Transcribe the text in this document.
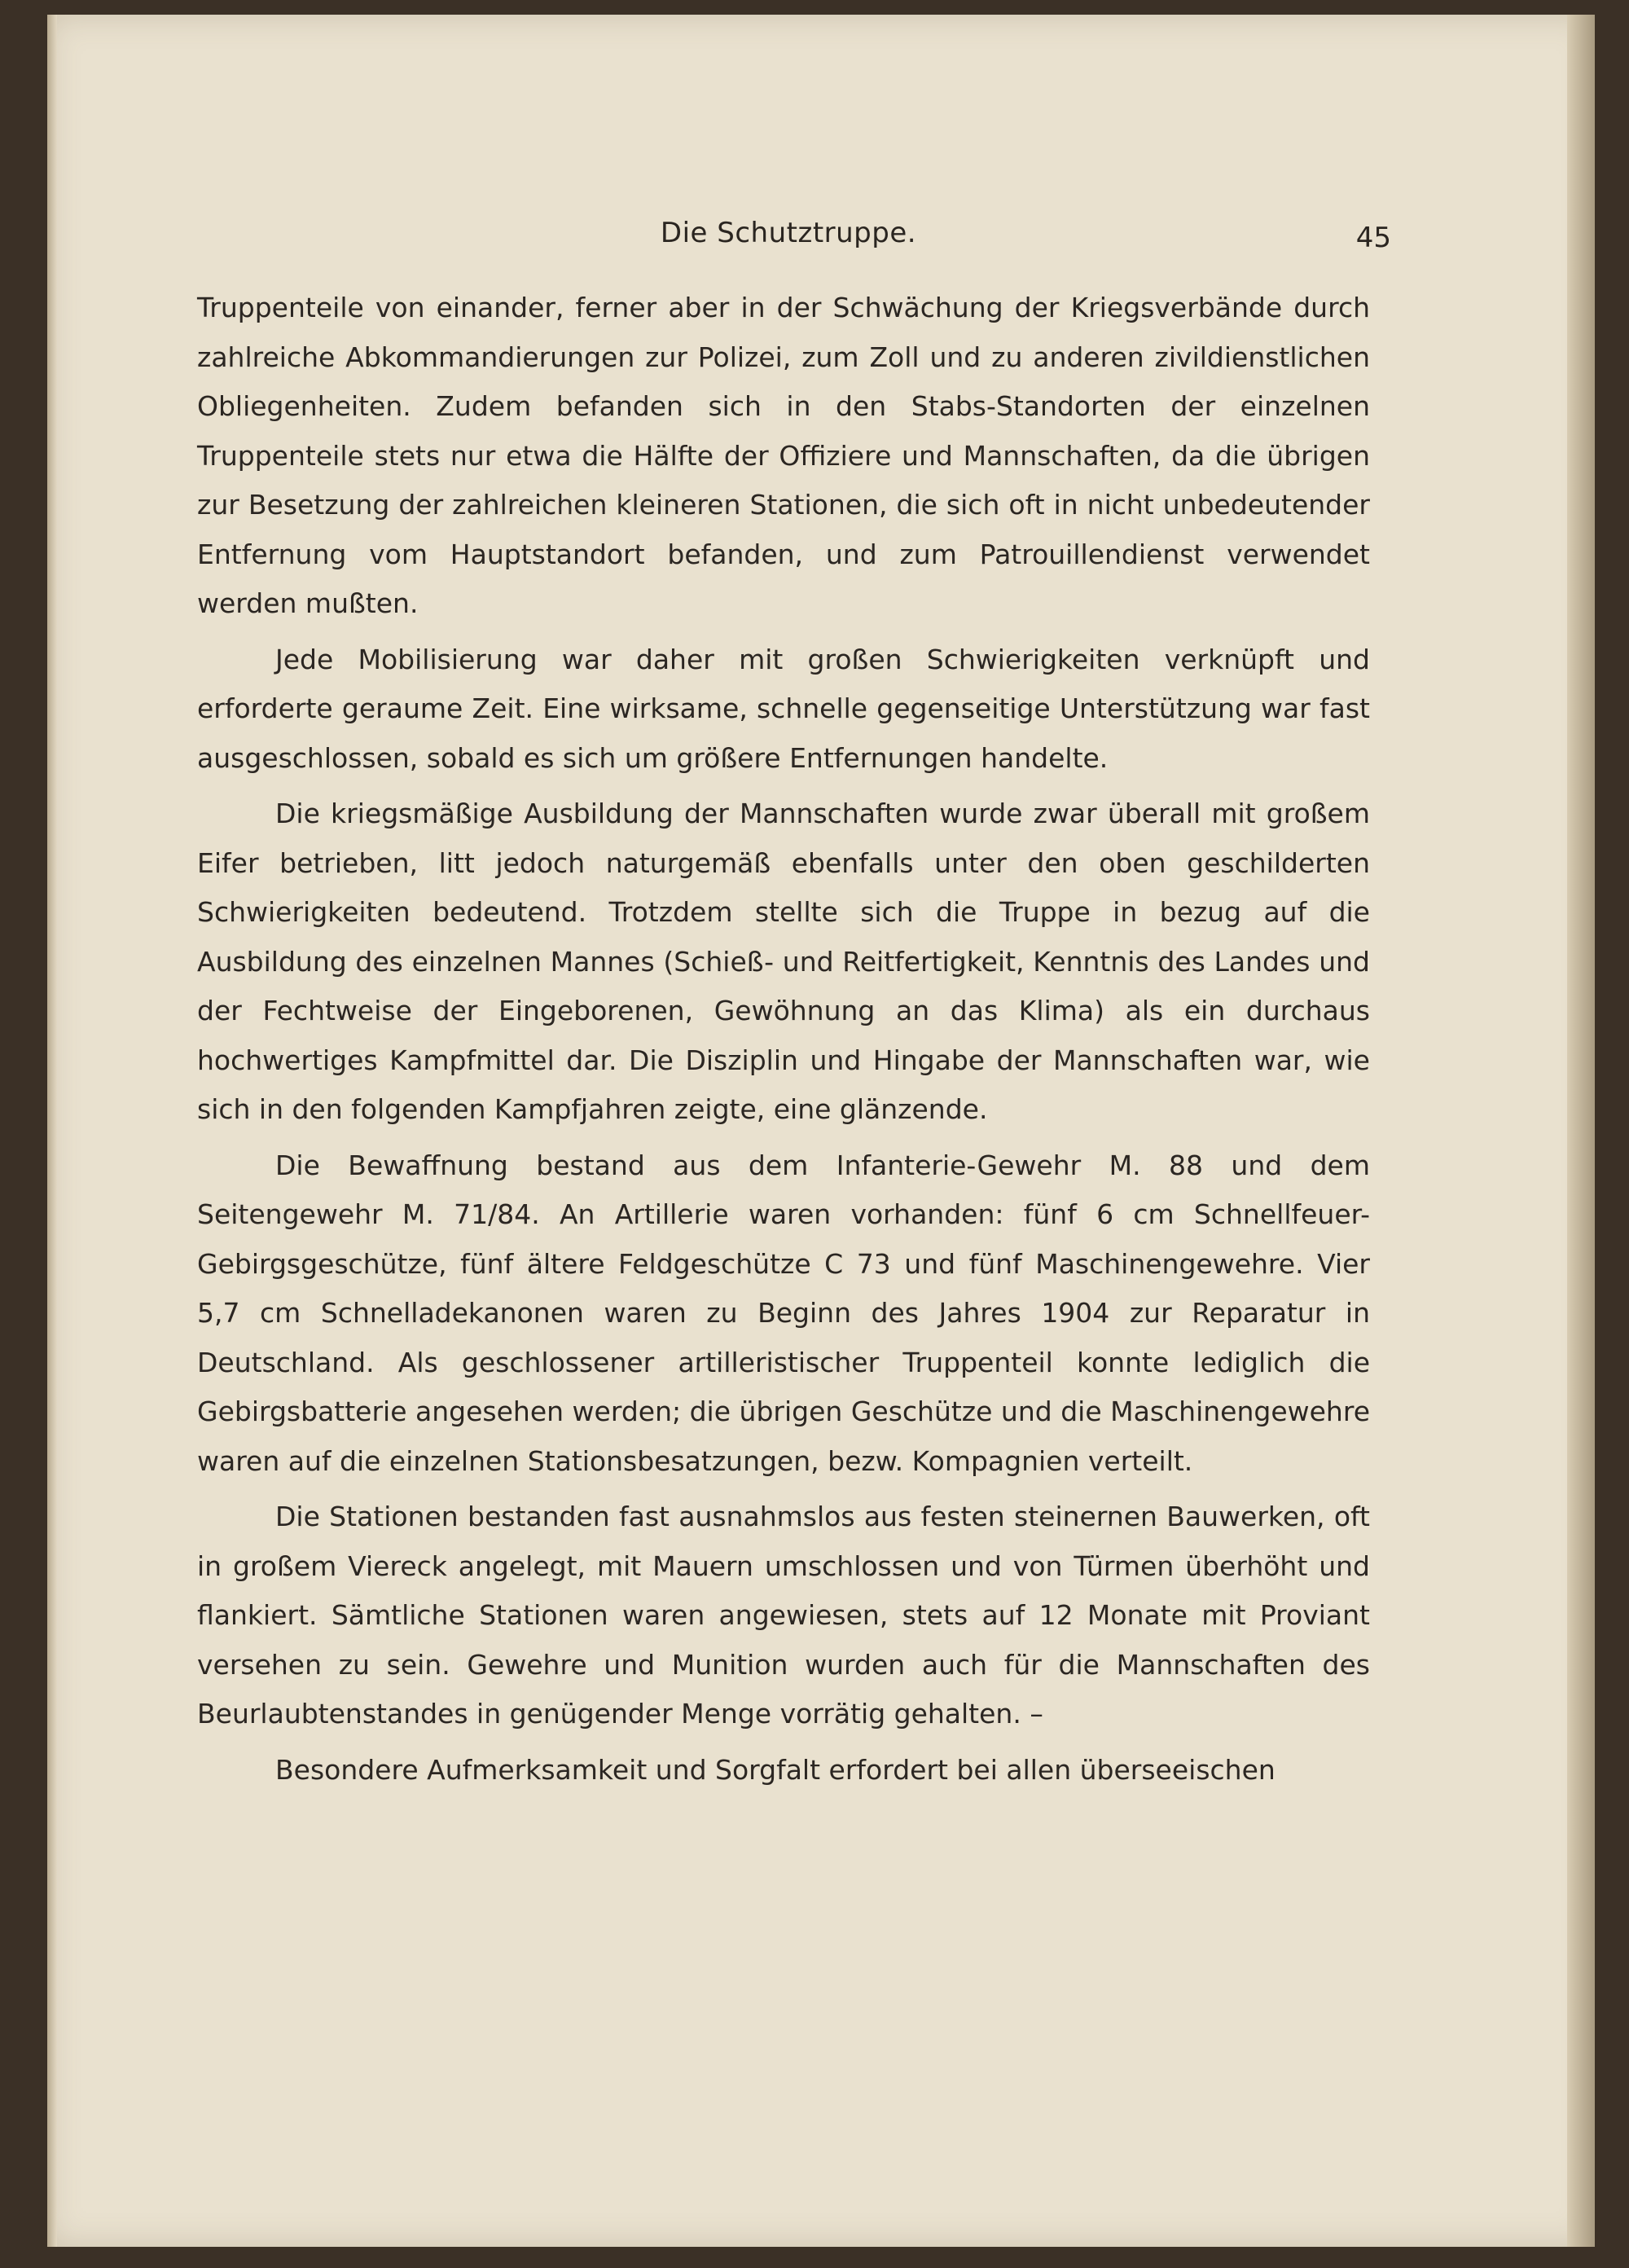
Die Schutztruppe.	45

Truppenteile von einander, ferner aber in der Schwächung der Kriegsverbände durch zahlreiche Abkommandierungen zur Polizei, zum Zoll und zu anderen zivildienstlichen Obliegenheiten. Zudem befanden sich in den Stabs-Standorten der einzelnen Truppenteile stets nur etwa die Hälfte der Offiziere und Mannschaften, da die übrigen zur Besetzung der zahlreichen kleineren Stationen, die sich oft in nicht unbedeutender Entfernung vom Hauptstandort befanden, und zum Patrouillendienst verwendet werden mußten.

Jede Mobilisierung war daher mit großen Schwierigkeiten verknüpft und erforderte geraume Zeit. Eine wirksame, schnelle gegenseitige Unterstützung war fast ausgeschlossen, sobald es sich um größere Entfernungen handelte.

Die kriegsmäßige Ausbildung der Mannschaften wurde zwar überall mit großem Eifer betrieben, litt jedoch naturgemäß ebenfalls unter den oben geschilderten Schwierigkeiten bedeutend. Trotzdem stellte sich die Truppe in bezug auf die Ausbildung des einzelnen Mannes (Schieß- und Reitfertigkeit, Kenntnis des Landes und der Fechtweise der Eingeborenen, Gewöhnung an das Klima) als ein durchaus hochwertiges Kampfmittel dar. Die Disziplin und Hingabe der Mannschaften war, wie sich in den folgenden Kampfjahren zeigte, eine glänzende.

Die Bewaffnung bestand aus dem Infanterie-Gewehr M. 88 und dem Seitengewehr M. 71/84. An Artillerie waren vorhanden: fünf 6 cm Schnellfeuer-Gebirgsgeschütze, fünf ältere Feldgeschütze C 73 und fünf Maschinengewehre. Vier 5,7 cm Schnelladekanonen waren zu Beginn des Jahres 1904 zur Reparatur in Deutschland. Als geschlossener artilleristischer Truppenteil konnte lediglich die Gebirgsbatterie angesehen werden; die übrigen Geschütze und die Maschinengewehre waren auf die einzelnen Stationsbesatzungen, bezw. Kompagnien verteilt.

Die Stationen bestanden fast ausnahmslos aus festen steinernen Bauwerken, oft in großem Viereck angelegt, mit Mauern umschlossen und von Türmen überhöht und flankiert. Sämtliche Stationen waren angewiesen, stets auf 12 Monate mit Proviant versehen zu sein. Gewehre und Munition wurden auch für die Mannschaften des Beurlaubtenstandes in genügender Menge vorrätig gehalten. –

Besondere Aufmerksamkeit und Sorgfalt erfordert bei allen überseeischen
